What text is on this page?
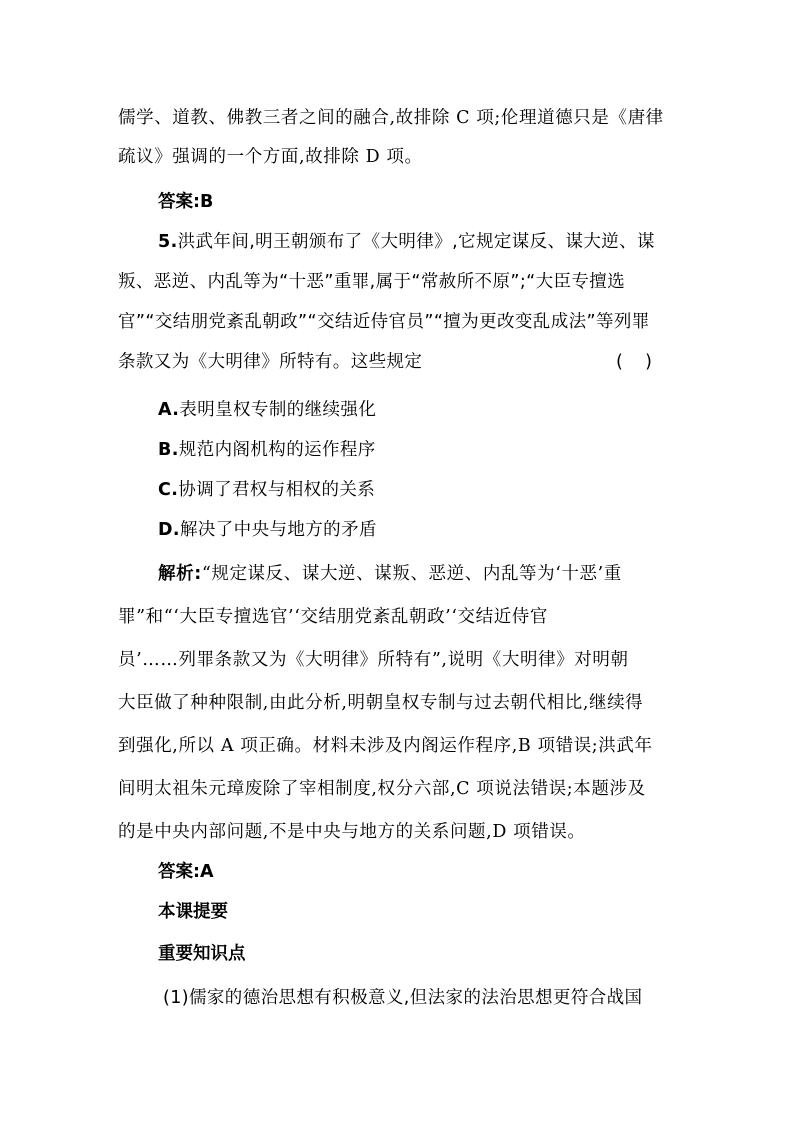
儒学、道教、佛教三者之间的融合,故排除 C 项;伦理道德只是《唐律
疏议》强调的一个方面,故排除 D 项。
答案:B
5.洪武年间,明王朝颁布了《大明律》,它规定谋反、谋大逆、谋
叛、恶逆、内乱等为“十恶”重罪,属于“常赦所不原”;“大臣专擅选
官”“交结朋党紊乱朝政”“交结近侍官员”“擅为更改变乱成法”等列罪
条款又为《大明律》所特有。这些规定	(    )
A.表明皇权专制的继续强化
B.规范内阁机构的运作程序
C.协调了君权与相权的关系
D.解决了中央与地方的矛盾
解析:“规定谋反、谋大逆、谋叛、恶逆、内乱等为‘十恶’重
罪”和“‘大臣专擅选官’‘交结朋党紊乱朝政’‘交结近侍官
员’……列罪条款又为《大明律》所特有”,说明《大明律》对明朝
大臣做了种种限制,由此分析,明朝皇权专制与过去朝代相比,继续得
到强化,所以 A 项正确。材料未涉及内阁运作程序,B 项错误;洪武年
间明太祖朱元璋废除了宰相制度,权分六部,C 项说法错误;本题涉及
的是中央内部问题,不是中央与地方的关系问题,D 项错误。
答案:A
本课提要
重要知识点
(1)儒家的德治思想有积极意义,但法家的法治思想更符合战国
